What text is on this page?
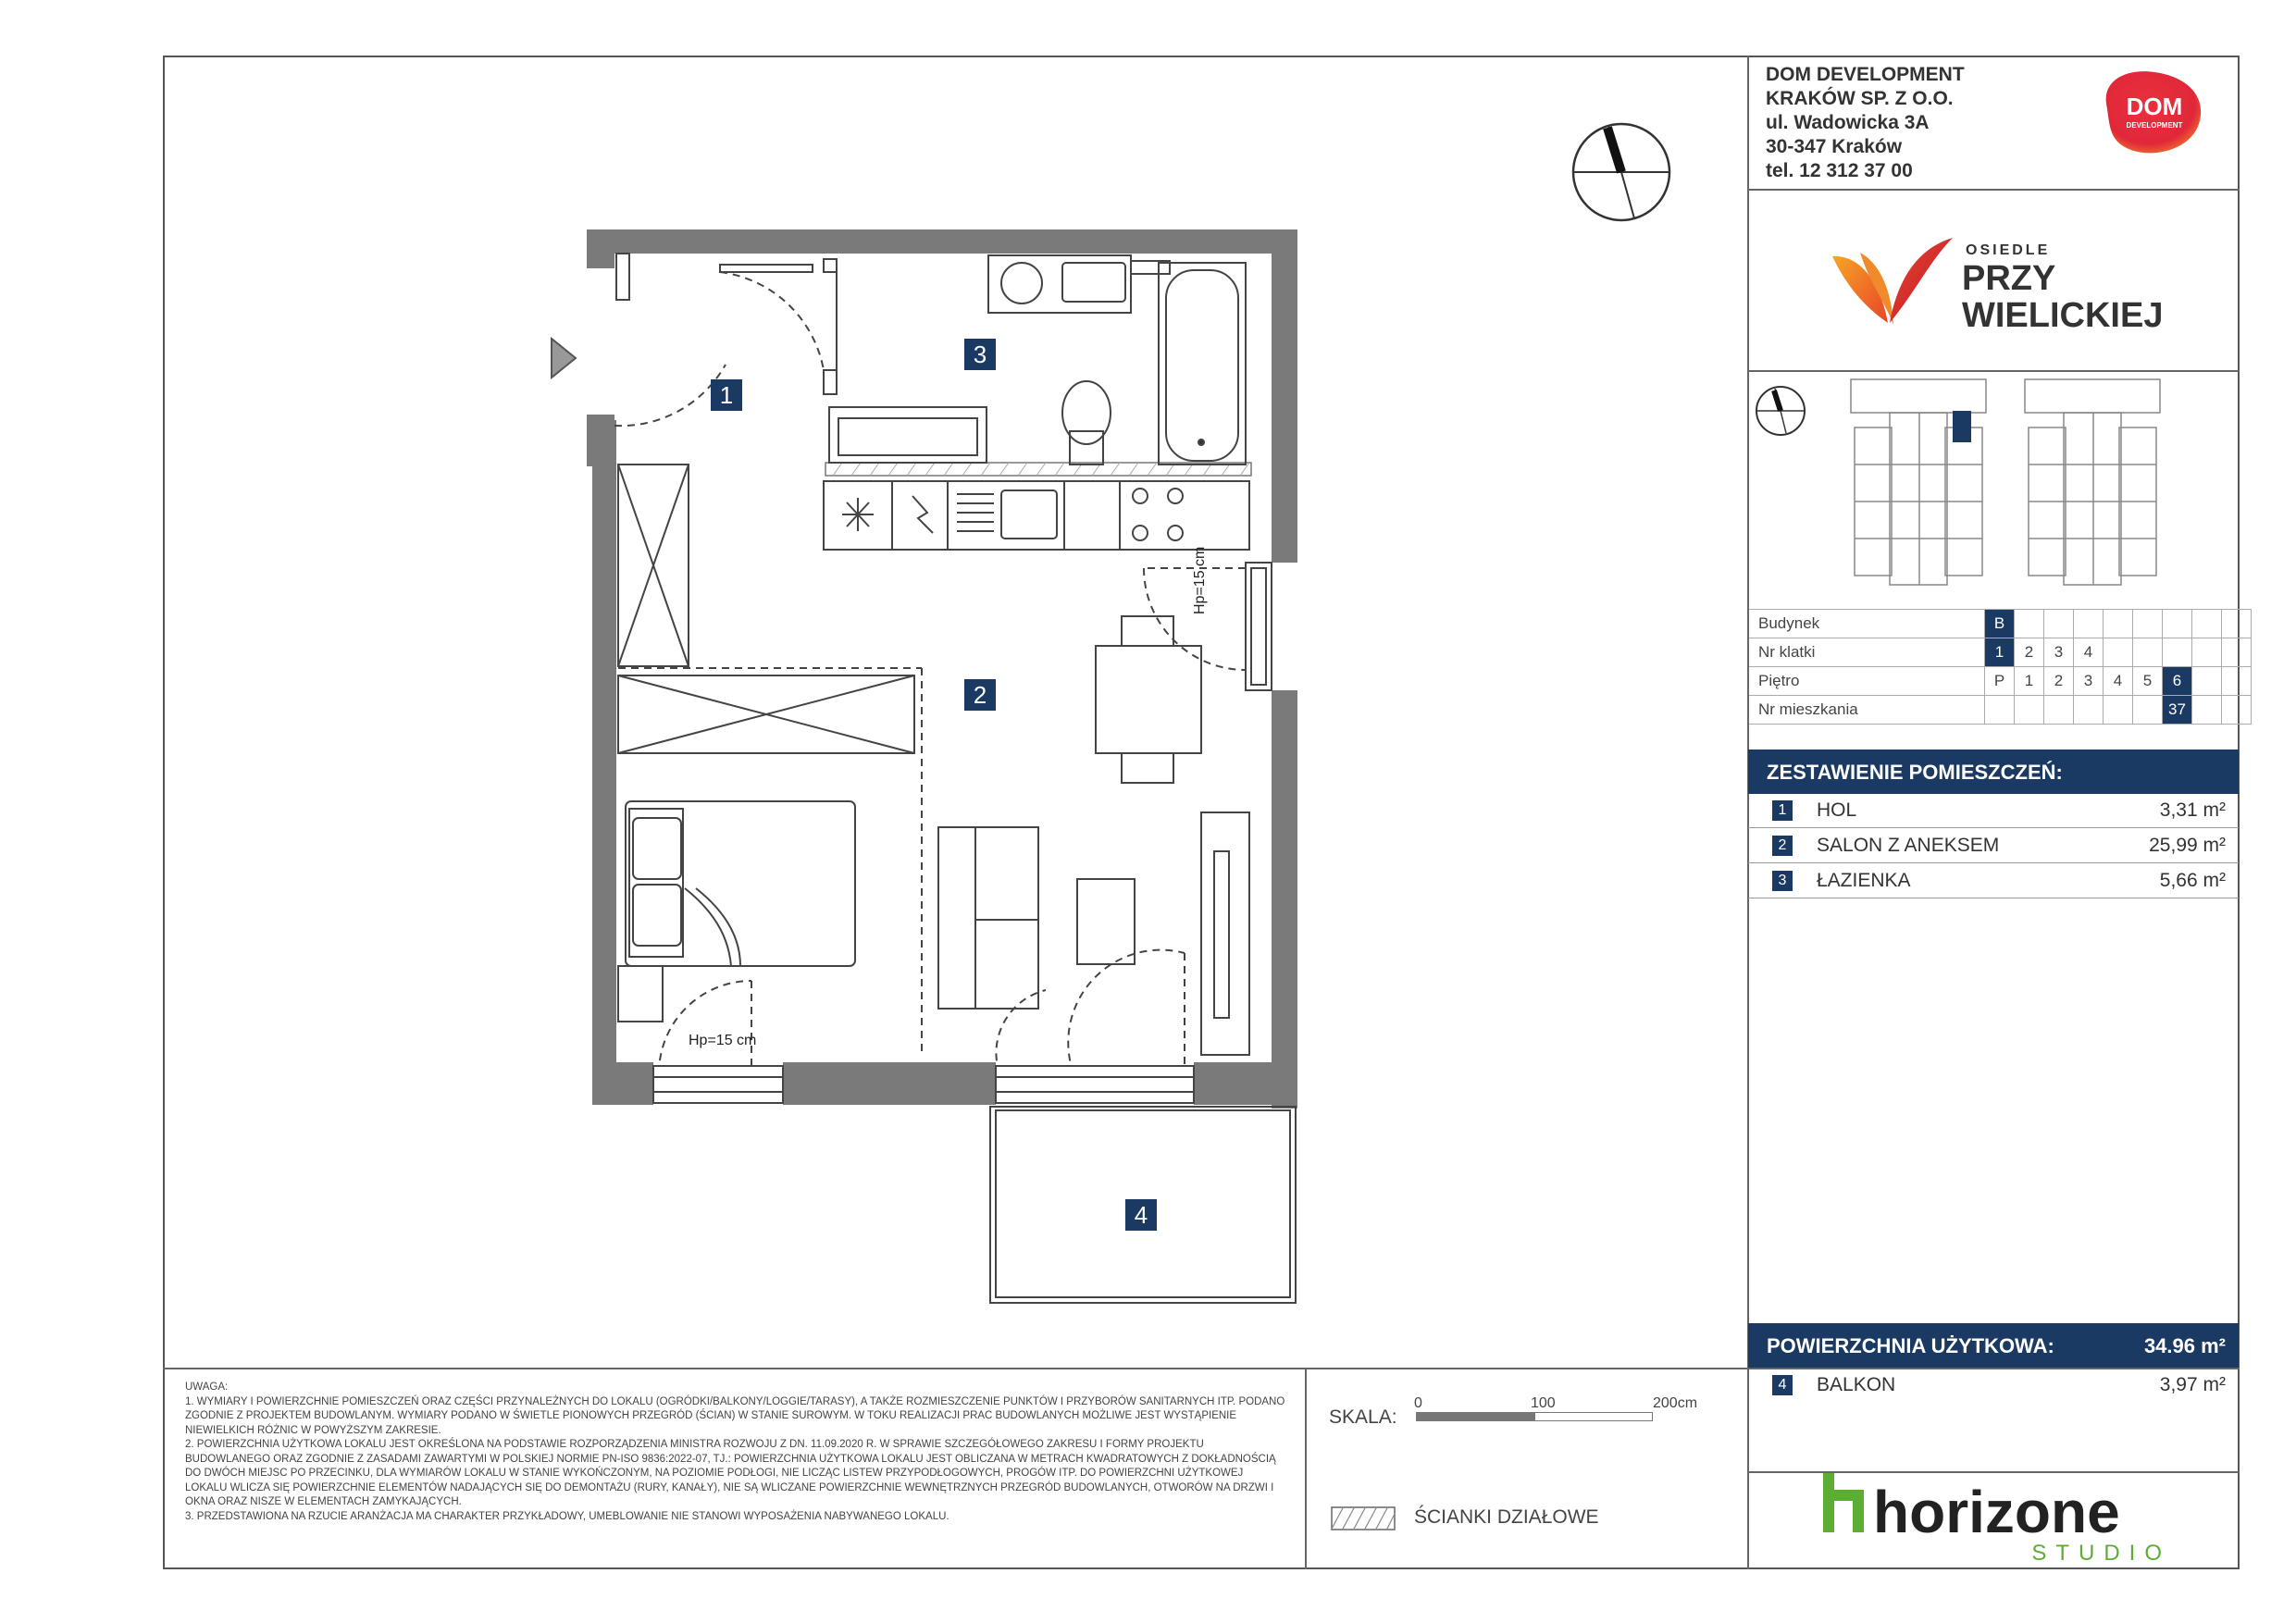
DOM DEVELOPMENT
KRAKÓW SP. Z O.O.
ul. Wadowicka 3A
30-347 Kraków
tel. 12 312 37 00
DOM
DEVELOPMENT
OSIEDLE
PRZY
WIELICKIEJ
Budynek	B								
Nr klatki	1	2	3	4					
Piętro	P	1	2	3	4	5	6		
Nr mieszkania							37		
ZESTAWIENIE POMIESZCZEŃ:
1	HOL	3,31 m²
2	SALON Z ANEKSEM	25,99 m²
3	ŁAZIENKA	5,66 m²
POWIERZCHNIA UŻYTKOWA:	34.96 m²
4	BALKON	3,97 m²
horizone
STUDIO
UWAGA:
1. WYMIARY I POWIERZCHNIE POMIESZCZEŃ ORAZ CZĘŚCI PRZYNALEŻNYCH DO LOKALU (OGRÓDKI/BALKONY/LOGGIE/TARASY), A TAKŻE ROZMIESZCZENIE PUNKTÓW I PRZYBORÓW SANITARNYCH ITP. PODANO ZGODNIE Z PROJEKTEM BUDOWLANYM. WYMIARY PODANO W ŚWIETLE PIONOWYCH PRZEGRÓD (ŚCIAN) W STANIE SUROWYM. W TOKU REALIZACJI PRAC BUDOWLANYCH MOŻLIWE JEST WYSTĄPIENIE NIEWIELKICH RÓŻNIC W POWYŻSZYM ZAKRESIE.
2. POWIERZCHNIA UŻYTKOWA LOKALU JEST OKREŚLONA NA PODSTAWIE ROZPORZĄDZENIA MINISTRA ROZWOJU Z DN. 11.09.2020 R. W SPRAWIE SZCZEGÓŁOWEGO ZAKRESU I FORMY PROJEKTU BUDOWLANEGO ORAZ ZGODNIE Z ZASADAMI ZAWARTYMI W POLSKIEJ NORMIE PN-ISO 9836:2022-07, TJ.: POWIERZCHNIA UŻYTKOWA LOKALU JEST OBLICZANA W METRACH KWADRATOWYCH Z DOKŁADNOŚCIĄ DO DWÓCH MIEJSC PO PRZECINKU, DLA WYMIARÓW LOKALU W STANIE WYKOŃCZONYM, NA POZIOMIE PODŁOGI, NIE LICZĄC LISTEW PRZYPODŁOGOWYCH, PROGÓW ITP. DO POWIERZCHNI UŻYTKOWEJ LOKALU WLICZA SIĘ POWIERZCHNIE ELEMENTÓW NADAJĄCYCH SIĘ DO DEMONTAŻU (RURY, KANAŁY), NIE SĄ WLICZANE POWIERZCHNIE WEWNĘTRZNYCH PRZEGRÓD BUDOWLANYCH, OTWORÓW NA DRZWI I OKNA ORAZ NISZE W ELEMENTACH ZAMYKAJĄCYCH.
3. PRZEDSTAWIONA NA RZUCIE ARANŻACJA MA CHARAKTER PRZYKŁADOWY, UMEBLOWANIE NIE STANOWI WYPOSAŻENIA NABYWANEGO LOKALU.
SKALA:
0	100	200cm
ŚCIANKI DZIAŁOWE
1
2
3
4
Hp=15 cm
Hp=15 cm
